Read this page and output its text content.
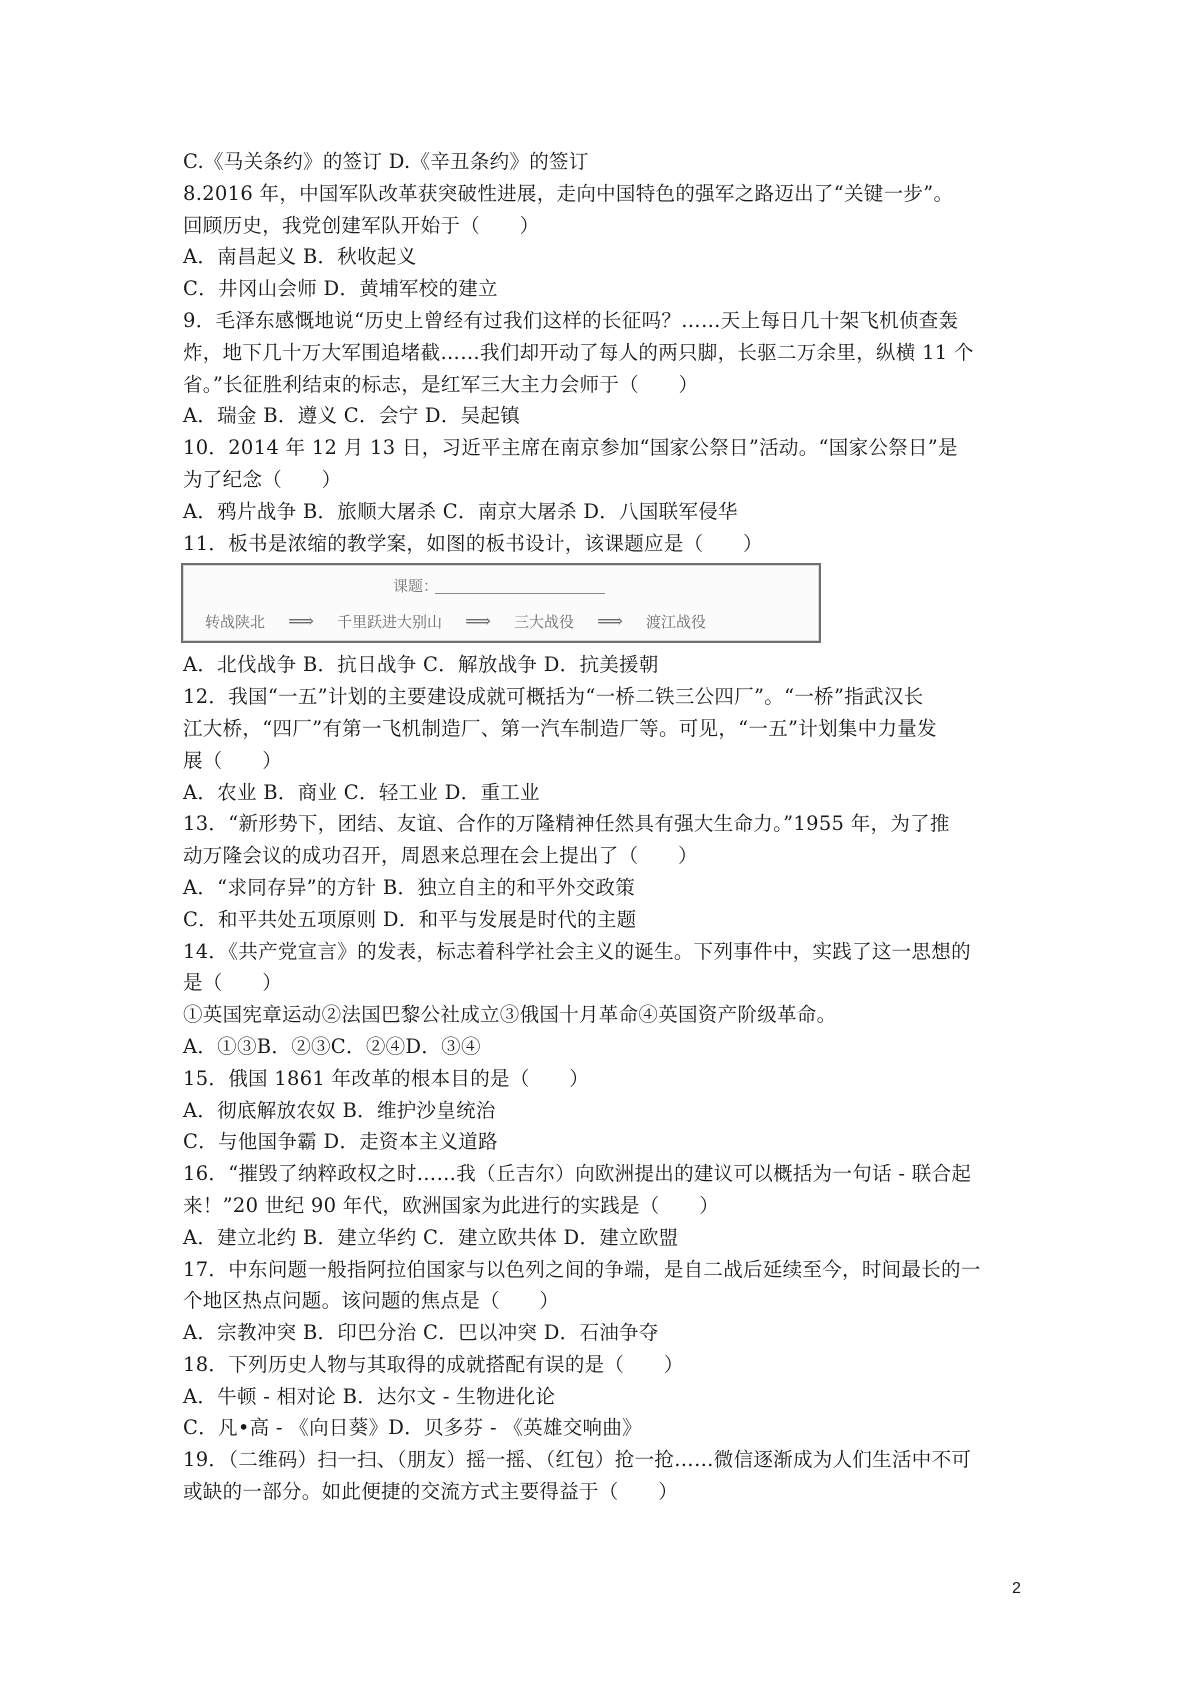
C.《马关条约》的签订 D.《辛丑条约》的签订
8.2016 年，中国军队改革获突破性进展，走向中国特色的强军之路迈出了“关键一步”。
回顾历史，我党创建军队开始于（　　）
A．南昌起义 B．秋收起义
C．井冈山会师 D．黄埔军校的建立
9．毛泽东感慨地说“历史上曾经有过我们这样的长征吗？……天上每日几十架飞机侦查轰
炸，地下几十万大军围追堵截……我们却开动了每人的两只脚，长驱二万余里，纵横 11 个
省。”长征胜利结束的标志，是红军三大主力会师于（　　）
A．瑞金 B．遵义 C．会宁 D．吴起镇
10．2014 年 12 月 13 日，习近平主席在南京参加“国家公祭日”活动。“国家公祭日”是
为了纪念（　　）
A．鸦片战争 B．旅顺大屠杀 C．南京大屠杀 D．八国联军侵华
11．板书是浓缩的教学案，如图的板书设计，该课题应是（　　）
课题：
转战陕北	⟹	千里跃进大别山	⟹	三大战役	⟹	渡江战役
A．北伐战争 B．抗日战争 C．解放战争 D．抗美援朝
12．我国“一五”计划的主要建设成就可概括为“一桥二铁三公四厂”。“一桥”指武汉长
江大桥，“四厂”有第一飞机制造厂、第一汽车制造厂等。可见，“一五”计划集中力量发
展（　　）
A．农业 B．商业 C．轻工业 D．重工业
13．“新形势下，团结、友谊、合作的万隆精神任然具有强大生命力。”1955 年，为了推
动万隆会议的成功召开，周恩来总理在会上提出了（　　）
A．“求同存异”的方针 B．独立自主的和平外交政策
C．和平共处五项原则 D．和平与发展是时代的主题
14．《共产党宣言》的发表，标志着科学社会主义的诞生。下列事件中，实践了这一思想的
是（　　）
①英国宪章运动②法国巴黎公社成立③俄国十月革命④英国资产阶级革命。
A．①③B．②③C．②④D．③④
15．俄国 1861 年改革的根本目的是（　　）
A．彻底解放农奴 B．维护沙皇统治
C．与他国争霸 D．走资本主义道路
16．“摧毁了纳粹政权之时……我（丘吉尔）向欧洲提出的建议可以概括为一句话 - 联合起
来！”20 世纪 90 年代，欧洲国家为此进行的实践是（　　）
A．建立北约 B．建立华约 C．建立欧共体 D．建立欧盟
17．中东问题一般指阿拉伯国家与以色列之间的争端，是自二战后延续至今，时间最长的一
个地区热点问题。该问题的焦点是（　　）
A．宗教冲突 B．印巴分治 C．巴以冲突 D．石油争夺
18．下列历史人物与其取得的成就搭配有误的是（　　）
A．牛顿 - 相对论 B．达尔文 - 生物进化论
C．凡•高 - 《向日葵》D．贝多芬 - 《英雄交响曲》
19．（二维码）扫一扫、（朋友）摇一摇、（红包）抢一抢……微信逐渐成为人们生活中不可
或缺的一部分。如此便捷的交流方式主要得益于（　　）
2
